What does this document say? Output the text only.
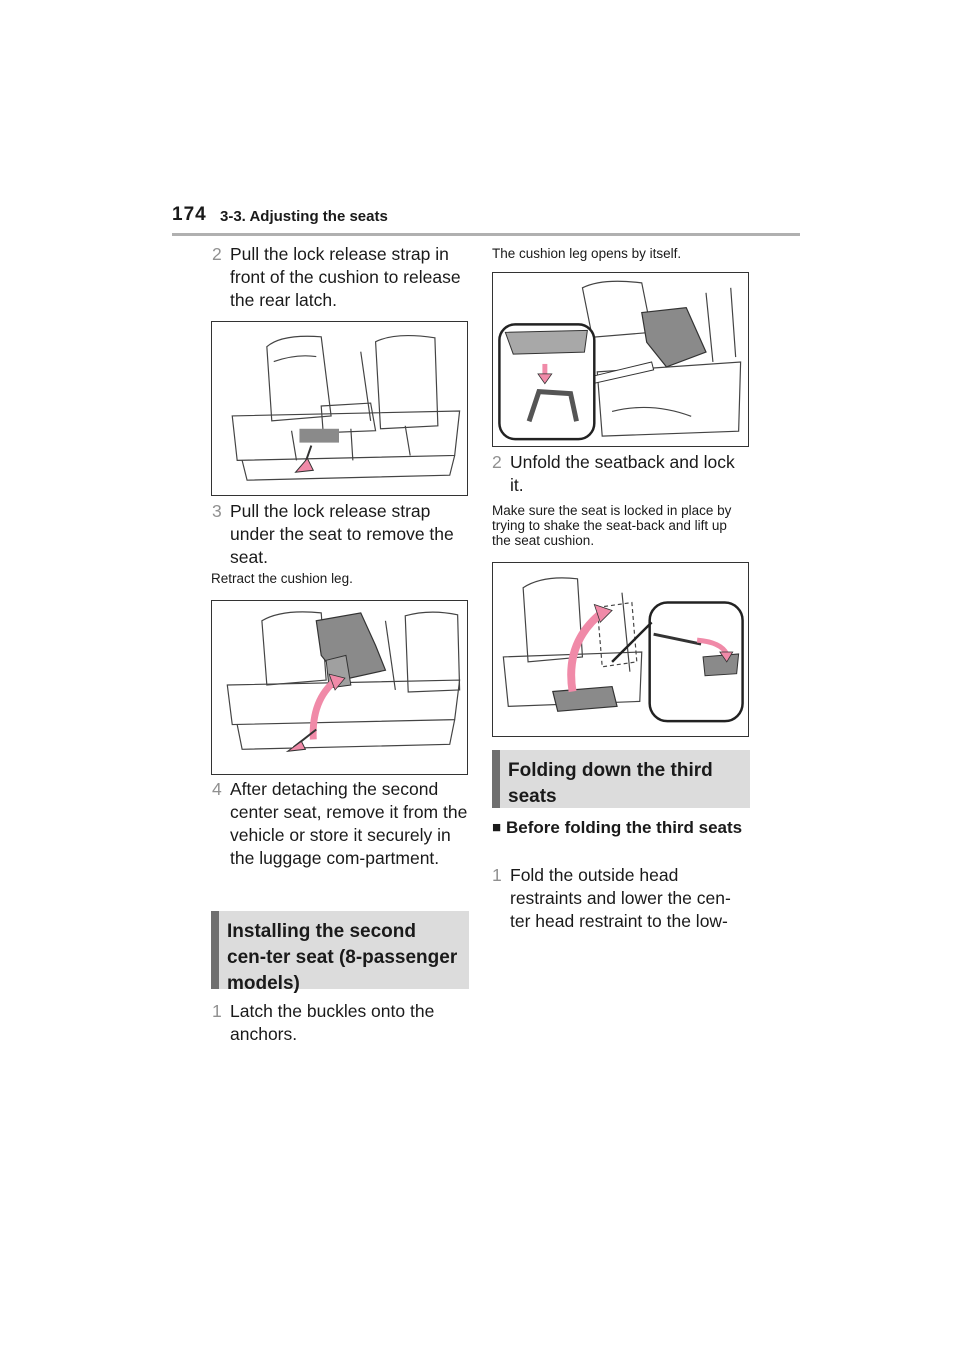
174 3-3. Adjusting the seats
2 Pull the lock release strap in front of the cushion to release the rear latch.
3 Pull the lock release strap under the seat to remove the seat.
Retract the cushion leg.
4 After detaching the second center seat, remove it from the vehicle or store it securely in the luggage com-partment.
Installing the second cen-ter seat (8-passenger models)
1 Latch the buckles onto the anchors.
The cushion leg opens by itself.
2 Unfold the seatback and lock it.
Make sure the seat is locked in place by trying to shake the seat-back and lift up the seat cushion.
Folding down the third seats
■ Before folding the third seats
1 Fold the outside head restraints and lower the cen-ter head restraint to the low-
